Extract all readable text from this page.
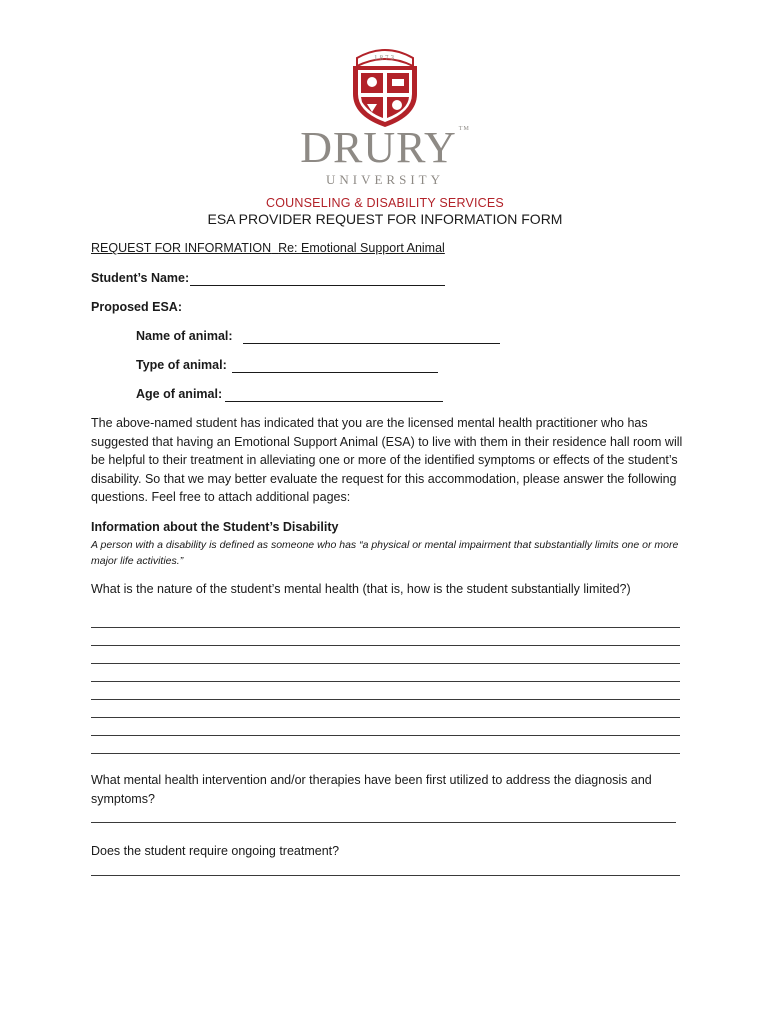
1873
DRURY ™
UNIVERSITY
COUNSELING & DISABILITY SERVICES
ESA PROVIDER REQUEST FOR INFORMATION FORM
REQUEST FOR INFORMATION Re: Emotional Support Animal
Student’s Name:
Proposed ESA:
Name of animal:
Type of animal:
Age of animal:
The above-named student has indicated that you are the licensed mental health practitioner who has suggested that having an Emotional Support Animal (ESA) to live with them in their residence hall room will be helpful to their treatment in alleviating one or more of the identified symptoms or effects of the student’s disability. So that we may better evaluate the request for this accommodation, please answer the following questions. Feel free to attach additional pages:
Information about the Student’s Disability
A person with a disability is defined as someone who has “a physical or mental impairment that substantially limits one or more major life activities.”
What is the nature of the student’s mental health (that is, how is the student substantially limited?)
What mental health intervention and/or therapies have been first utilized to address the diagnosis and symptoms?
Does the student require ongoing treatment?
